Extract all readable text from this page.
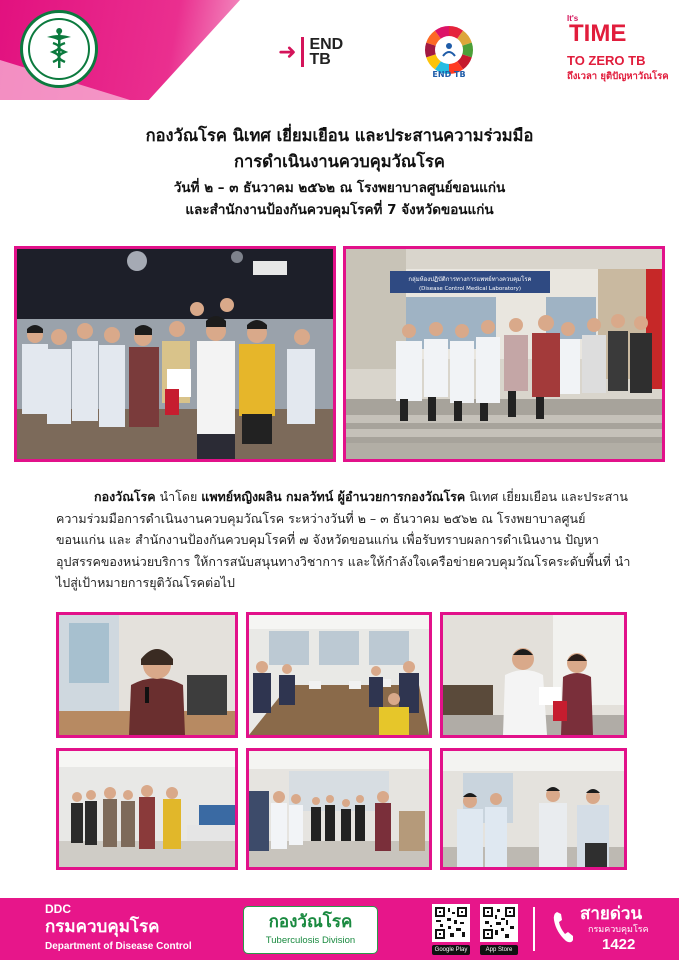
➜ END
TB
END TB
It's
TIME
TO ZERO TB
ถึงเวลา ยุติปัญหาวัณโรค
กองวัณโรค นิเทศ เยี่ยมเยือน และประสานความร่วมมือ
การดำเนินงานควบคุมวัณโรค
วันที่ ๒ – ๓ ธันวาคม ๒๕๖๒ ณ โรงพยาบาลศูนย์ขอนแก่น
และสำนักงานป้องกันควบคุมโรคที่ 7 จังหวัดขอนแก่น
กลุ่มห้องปฏิบัติการทางการแพทย์ทางควบคุมโรค
(Disease Control Medical Laboratory)

กองวัณโรค นำโดย แพทย์หญิงผลิน กมลวัทน์ ผู้อำนวยการกองวัณโรค นิเทศ เยี่ยมเยือน และประสานความร่วมมือการดำเนินงานควบคุมวัณโรค ระหว่างวันที่ ๒ – ๓ ธันวาคม ๒๕๖๒ ณ โรงพยาบาลศูนย์ขอนแก่น และ สำนักงานป้องกันควบคุมโรคที่ ๗ จังหวัดขอนแก่น เพื่อรับทราบผลการดำเนินงาน ปัญหา อุปสรรคของหน่วยบริการ ให้การสนับสนุนทางวิชาการ และให้กำลังใจเครือข่ายควบคุมวัณโรคระดับพื้นที่ นำไปสู่เป้าหมายการยุติวัณโรคต่อไป

DDC
กรมควบคุมโรค
Department of Disease Control
กองวัณโรค
Tuberculosis Division
Google Play	App Store
สายด่วน
กรมควบคุมโรค
1422
